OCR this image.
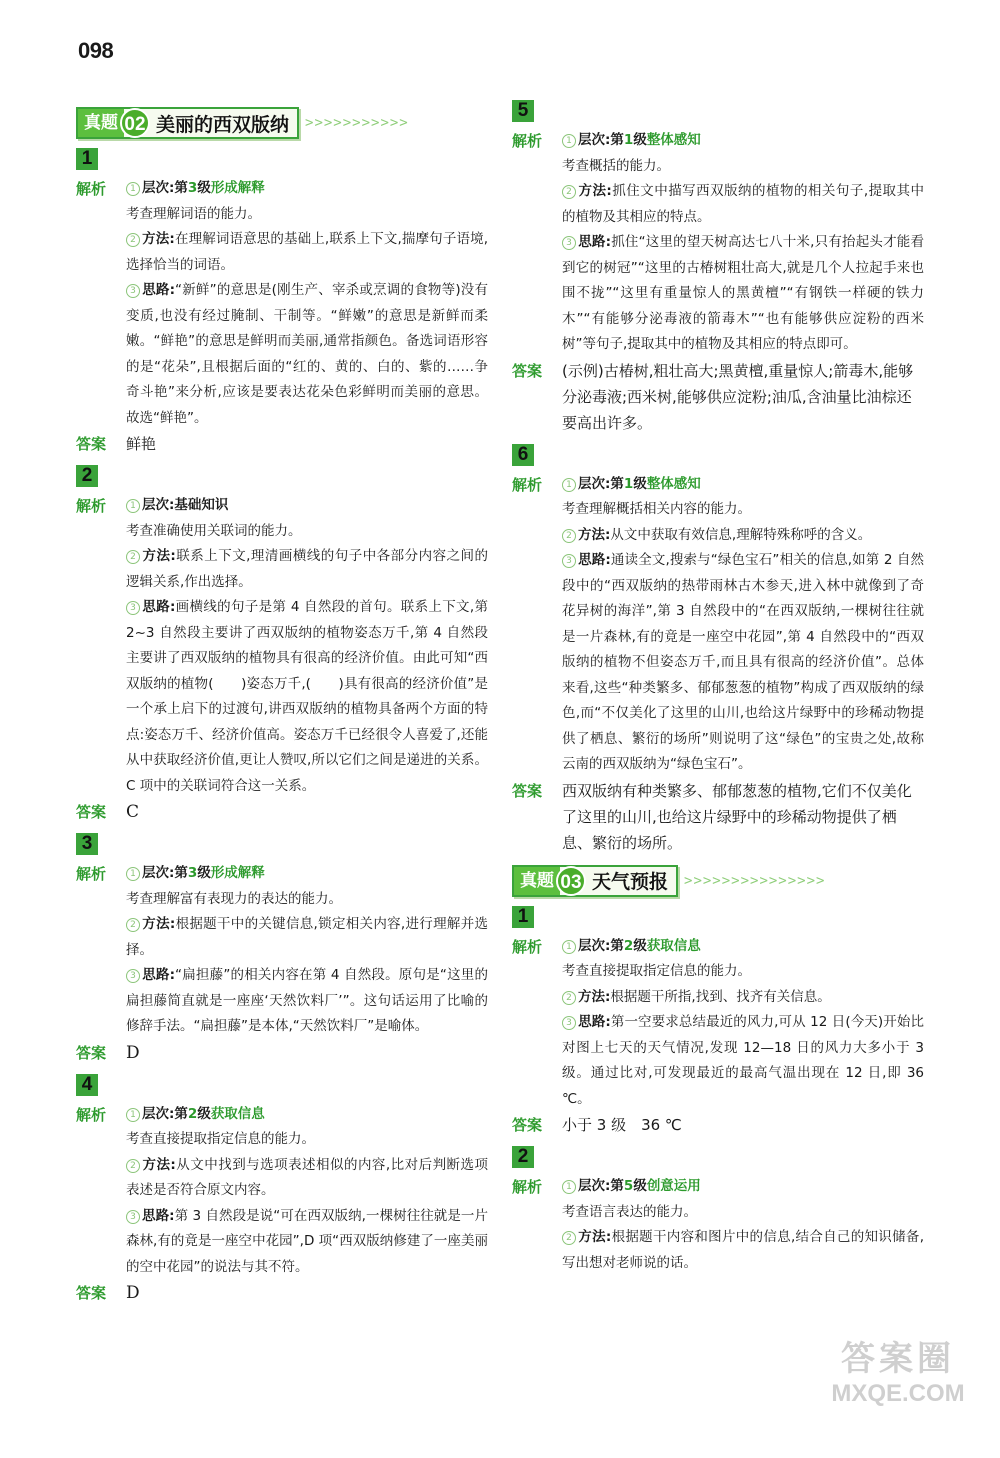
098
真题 02 美丽的西双版纳 >>>>>>>>>>>
1
解析	1 层次:第3级形成解释
考查理解词语的能力。
2 方法:在理解词语意思的基础上,联系上下文,揣摩句子语境,选择恰当的词语。
3 思路:“新鲜”的意思是(刚生产、宰杀或烹调的食物等)没有变质,也没有经过腌制、干制等。“鲜嫩”的意思是新鲜而柔嫩。“鲜艳”的意思是鲜明而美丽,通常指颜色。备选词语形容的是“花朵”,且根据后面的“红的、黄的、白的、紫的……争奇斗艳”来分析,应该是要表达花朵色彩鲜明而美丽的意思。故选“鲜艳”。
答案	鲜艳
2
解析	1 层次:基础知识
考查准确使用关联词的能力。
2 方法:联系上下文,理清画横线的句子中各部分内容之间的逻辑关系,作出选择。
3 思路:画横线的句子是第 4 自然段的首句。联系上下文,第 2~3 自然段主要讲了西双版纳的植物姿态万千,第 4 自然段主要讲了西双版纳的植物具有很高的经济价值。由此可知“西双版纳的植物(　　)姿态万千,(　　)具有很高的经济价值”是一个承上启下的过渡句,讲西双版纳的植物具备两个方面的特点:姿态万千、经济价值高。姿态万千已经很令人喜爱了,还能从中获取经济价值,更让人赞叹,所以它们之间是递进的关系。C 项中的关联词符合这一关系。
答案	C
3
解析	1 层次:第3级形成解释
考查理解富有表现力的表达的能力。
2 方法:根据题干中的关键信息,锁定相关内容,进行理解并选择。
3 思路:“扁担藤”的相关内容在第 4 自然段。原句是“这里的扁担藤简直就是一座座‘天然饮料厂’”。这句话运用了比喻的修辞手法。“扁担藤”是本体,“天然饮料厂”是喻体。
答案	D
4
解析	1 层次:第2级获取信息
考查直接提取指定信息的能力。
2 方法:从文中找到与选项表述相似的内容,比对后判断选项表述是否符合原文内容。
3 思路:第 3 自然段是说“可在西双版纳,一棵树往往就是一片森林,有的竟是一座空中花园”,D 项“西双版纳修建了一座美丽的空中花园”的说法与其不符。
答案	D
5
解析	1 层次:第1级整体感知
考查概括的能力。
2 方法:抓住文中描写西双版纳的植物的相关句子,提取其中的植物及其相应的特点。
3 思路:抓住“这里的望天树高达七八十米,只有抬起头才能看到它的树冠”“这里的古椿树粗壮高大,就是几个人拉起手来也围不拢”“这里有重量惊人的黑黄檀”“有钢铁一样硬的铁力木”“有能够分泌毒液的箭毒木”“也有能够供应淀粉的西米树”等句子,提取其中的植物及其相应的特点即可。
答案	(示例)古椿树,粗壮高大;黑黄檀,重量惊人;箭毒木,能够分泌毒液;西米树,能够供应淀粉;油瓜,含油量比油棕还要高出许多。
6
解析	1 层次:第1级整体感知
考查理解概括相关内容的能力。
2 方法:从文中获取有效信息,理解特殊称呼的含义。
3 思路:通读全文,搜索与“绿色宝石”相关的信息,如第 2 自然段中的“西双版纳的热带雨林古木参天,进入林中就像到了奇花异树的海洋”,第 3 自然段中的“在西双版纳,一棵树往往就是一片森林,有的竟是一座空中花园”,第 4 自然段中的“西双版纳的植物不但姿态万千,而且具有很高的经济价值”。总体来看,这些“种类繁多、郁郁葱葱的植物”构成了西双版纳的绿色,而“不仅美化了这里的山川,也给这片绿野中的珍稀动物提供了栖息、繁衍的场所”则说明了这“绿色”的宝贵之处,故称云南的西双版纳为“绿色宝石”。
答案	西双版纳有种类繁多、郁郁葱葱的植物,它们不仅美化了这里的山川,也给这片绿野中的珍稀动物提供了栖息、繁衍的场所。
真题 03 天气预报 >>>>>>>>>>>>>>>
1
解析	1 层次:第2级获取信息
考查直接提取指定信息的能力。
2 方法:根据题干所指,找到、找齐有关信息。
3 思路:第一空要求总结最近的风力,可从 12 日(今天)开始比对图上七天的天气情况,发现 12—18 日的风力大多小于 3 级。通过比对,可发现最近的最高气温出现在 12 日,即 36 ℃。
答案	小于 3 级　36 ℃
2
解析	1 层次:第5级创意运用
考查语言表达的能力。
2 方法:根据题干内容和图片中的信息,结合自己的知识储备,写出想对老师说的话。
答案圈
MXQE.COM
